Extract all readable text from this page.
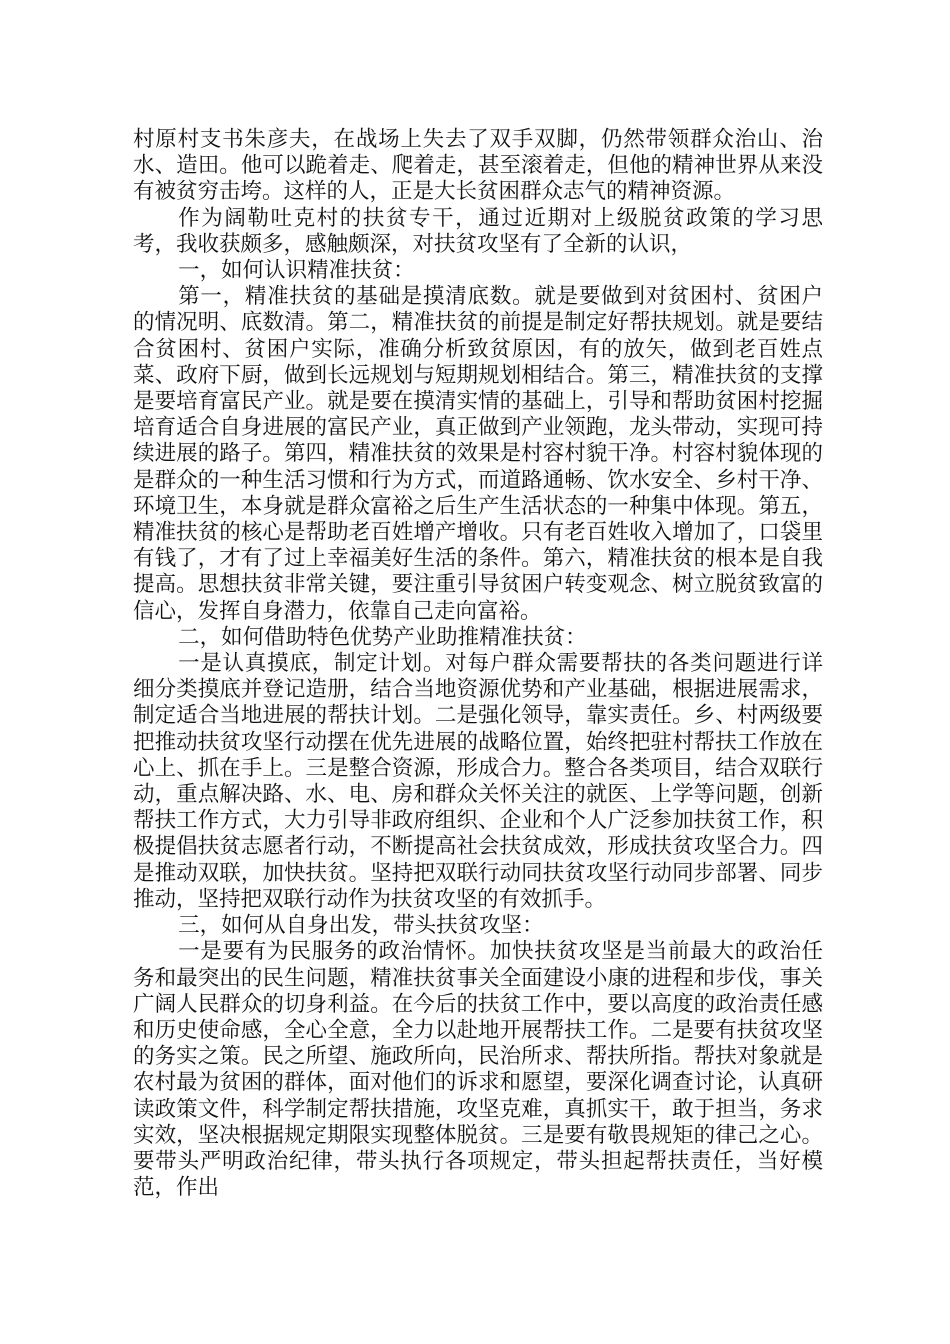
村原村支书朱彦夫，在战场上失去了双手双脚，仍然带领群众治山、治水、造田。他可以跪着走、爬着走，甚至滚着走，但他的精神世界从来没有被贫穷击垮。这样的人，正是大长贫困群众志气的精神资源。

作为阔勒吐克村的扶贫专干，通过近期对上级脱贫政策的学习思考，我收获颇多，感触颇深，对扶贫攻坚有了全新的认识，

一，如何认识精准扶贫：

第一，精准扶贫的基础是摸清底数。就是要做到对贫困村、贫困户的情况明、底数清。第二，精准扶贫的前提是制定好帮扶规划。就是要结合贫困村、贫困户实际，准确分析致贫原因，有的放矢，做到老百姓点菜、政府下厨，做到长远规划与短期规划相结合。第三，精准扶贫的支撑是要培育富民产业。就是要在摸清实情的基础上，引导和帮助贫困村挖掘培育适合自身进展的富民产业，真正做到产业领跑，龙头带动，实现可持续进展的路子。第四，精准扶贫的效果是村容村貌干净。村容村貌体现的是群众的一种生活习惯和行为方式，而道路通畅、饮水安全、乡村干净、环境卫生，本身就是群众富裕之后生产生活状态的一种集中体现。第五，精准扶贫的核心是帮助老百姓增产增收。只有老百姓收入增加了，口袋里有钱了，才有了过上幸福美好生活的条件。第六，精准扶贫的根本是自我提高。思想扶贫非常关键，要注重引导贫困户转变观念、树立脱贫致富的信心，发挥自身潜力，依靠自己走向富裕。

二，如何借助特色优势产业助推精准扶贫：

一是认真摸底，制定计划。对每户群众需要帮扶的各类问题进行详细分类摸底并登记造册，结合当地资源优势和产业基础，根据进展需求，制定适合当地进展的帮扶计划。二是强化领导，靠实责任。乡、村两级要把推动扶贫攻坚行动摆在优先进展的战略位置，始终把驻村帮扶工作放在心上、抓在手上。三是整合资源，形成合力。整合各类项目，结合双联行动，重点解决路、水、电、房和群众关怀关注的就医、上学等问题，创新帮扶工作方式，大力引导非政府组织、企业和个人广泛参加扶贫工作，积极提倡扶贫志愿者行动，不断提高社会扶贫成效，形成扶贫攻坚合力。四是推动双联，加快扶贫。坚持把双联行动同扶贫攻坚行动同步部署、同步推动，坚持把双联行动作为扶贫攻坚的有效抓手。

三，如何从自身出发，带头扶贫攻坚：

一是要有为民服务的政治情怀。加快扶贫攻坚是当前最大的政治任务和最突出的民生问题，精准扶贫事关全面建设小康的进程和步伐，事关广阔人民群众的切身利益。在今后的扶贫工作中，要以高度的政治责任感和历史使命感，全心全意，全力以赴地开展帮扶工作。二是要有扶贫攻坚的务实之策。民之所望、施政所向，民治所求、帮扶所指。帮扶对象就是农村最为贫困的群体，面对他们的诉求和愿望，要深化调查讨论，认真研读政策文件，科学制定帮扶措施，攻坚克难，真抓实干，敢于担当，务求实效，坚决根据规定期限实现整体脱贫。三是要有敬畏规矩的律己之心。要带头严明政治纪律，带头执行各项规定，带头担起帮扶责任，当好模范，作出
